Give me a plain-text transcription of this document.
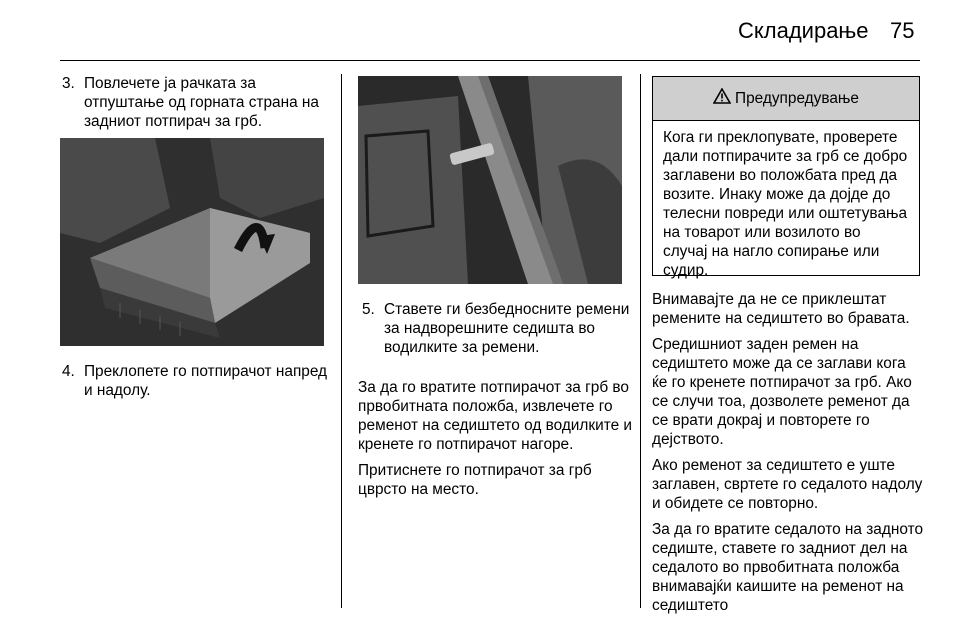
Складирање 75
3. Повлечете ја рачката за отпуштање од горната страна на задниот потпирач за грб.
4. Преклопете го потпирачот напред и надолу.
5. Ставете ги безбедносните ремени за надворешните седишта во водилките за ремени.

За да го вратите потпирачот за грб во првобитната положба, извлечете го ременот на седиштето од водилките и кренете го потпирачот нагоре.

Притиснете го потпирачот за грб цврсто на место.

Предупредување
Кога ги преклопувате, проверете дали потпирачите за грб се добро заглавени во положбата пред да возите. Инаку може да дојде до телесни повреди или оштетувања на товарот или возилото во случај на нагло сопирање или судир.

Внимавајте да не се приклештат ремените на седиштето во бравата.

Средишниот заден ремен на седиштето може да се заглави кога ќе го кренете потпирачот за грб. Ако се случи тоа, дозволете ременот да се врати докрај и повторете го дејството.

Ако ременот за седиштето е уште заглавен, свртете го седалото надолу и обидете се повторно.

За да го вратите седалото на задното седиште, ставете го задниот дел на седалото во првобитната положба внимавајќи каишите на ременот на седиштето
